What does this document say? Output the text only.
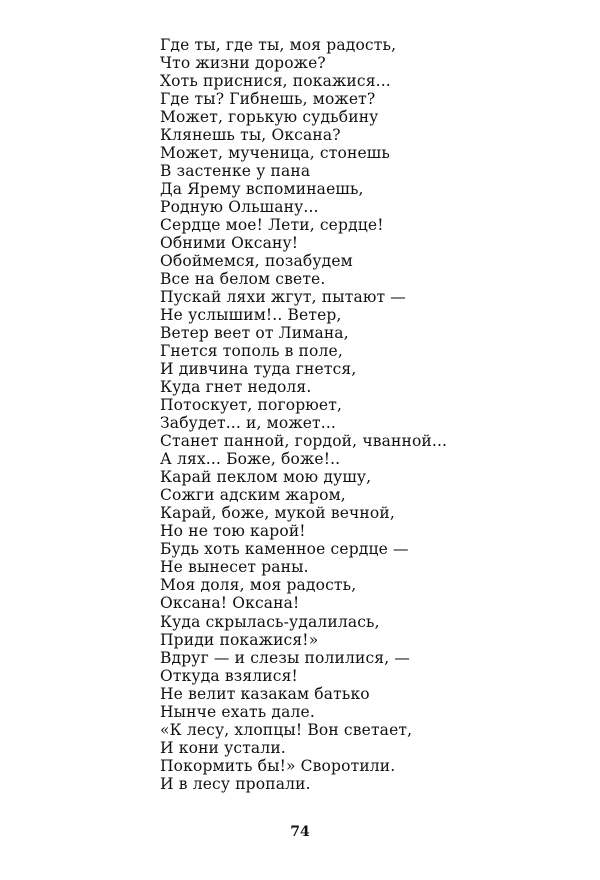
Где ты, где ты, моя радость,
Что жизни дороже?
Хоть приснися, покажися...
Где ты? Гибнешь, может?
Может, горькую судьбину
Клянешь ты, Оксана?
Может, мученица, стонешь
В застенке у пана
Да Ярему вспоминаешь,
Родную Ольшану...
Сердце мое! Лети, сердце!
Обними Оксану!
Обоймемся, позабудем
Все на белом свете.
Пускай ляхи жгут, пытают —
Не услышим!.. Ветер,
Ветер веет от Лимана,
Гнется тополь в поле,
И дивчина туда гнется,
Куда гнет недоля.
Потоскует, погорюет,
Забудет... и, может...
Станет панной, гордой, чванной...
А лях... Боже, боже!..
Карай пеклом мою душу,
Сожги адским жаром,
Карай, боже, мукой вечной,
Но не тою карой!
Будь хоть каменное сердце —
Не вынесет раны.
Моя доля, моя радость,
Оксана! Оксана!
Куда скрылась-удалилась,
Приди покажися!»
Вдруг — и слезы полилися, —
Откуда взялися!
Не велит казакам батько
Нынче ехать дале.
«К лесу, хлопцы! Вон светает,
И кони устали.
Покормить бы!» Своротили.
И в лесу пропали.
74
